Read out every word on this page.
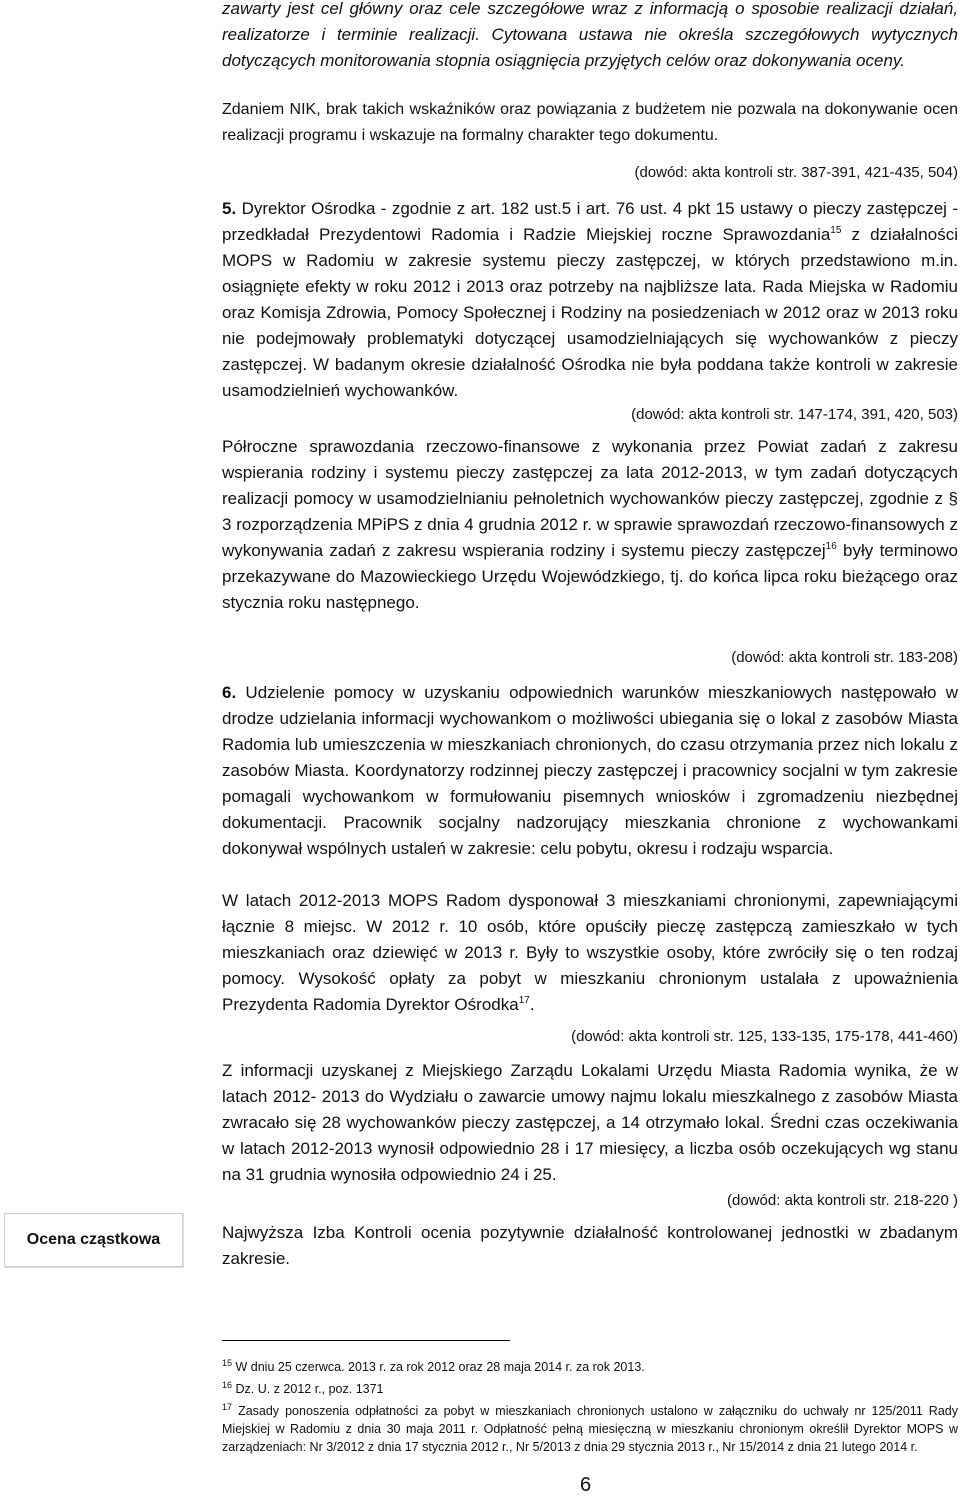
Ocena cząstkowa

zawarty jest cel główny oraz cele szczegółowe wraz z informacją o sposobie realizacji działań, realizatorze i terminie realizacji. Cytowana ustawa nie określa szczegółowych wytycznych dotyczących monitorowania stopnia osiągnięcia przyjętych celów oraz dokonywania oceny.

Zdaniem NIK, brak takich wskaźników oraz powiązania z budżetem nie pozwala na dokonywanie ocen realizacji programu i wskazuje na formalny charakter tego dokumentu.

(dowód: akta kontroli str. 387-391, 421-435, 504)

5. Dyrektor Ośrodka - zgodnie z art. 182 ust.5 i art. 76 ust. 4 pkt 15 ustawy o pieczy zastępczej - przedkładał Prezydentowi Radomia i Radzie Miejskiej roczne Sprawozdania$^{15}$ z działalności MOPS w Radomiu w zakresie systemu pieczy zastępczej, w których przedstawiono m.in. osiągnięte efekty w roku 2012 i 2013 oraz potrzeby na najbliższe lata. Rada Miejska w Radomiu oraz Komisja Zdrowia, Pomocy Społecznej i Rodziny na posiedzeniach w 2012 oraz w 2013 roku nie podejmowały problematyki dotyczącej usamodzielniających się wychowanków z pieczy zastępczej. W badanym okresie działalność Ośrodka nie była poddana także kontroli w zakresie usamodzielnień wychowanków.

(dowód: akta kontroli str. 147-174, 391, 420, 503)

Półroczne sprawozdania rzeczowo-finansowe z wykonania przez Powiat zadań z zakresu wspierania rodziny i systemu pieczy zastępczej za lata 2012-2013, w tym zadań dotyczących realizacji pomocy w usamodzielnianiu pełnoletnich wychowanków pieczy zastępczej, zgodnie z § 3 rozporządzenia MPiPS z dnia 4 grudnia 2012 r. w sprawie sprawozdań rzeczowo-finansowych z wykonywania zadań z zakresu wspierania rodziny i systemu pieczy zastępczej$^{16}$ były terminowo przekazywane do Mazowieckiego Urzędu Wojewódzkiego, tj. do końca lipca roku bieżącego oraz stycznia roku następnego.

(dowód: akta kontroli str. 183-208)

6. Udzielenie pomocy w uzyskaniu odpowiednich warunków mieszkaniowych następowało w drodze udzielania informacji wychowankom o możliwości ubiegania się o lokal z zasobów Miasta Radomia lub umieszczenia w mieszkaniach chronionych, do czasu otrzymania przez nich lokalu z zasobów Miasta. Koordynatorzy rodzinnej pieczy zastępczej i pracownicy socjalni w tym zakresie pomagali wychowankom w formułowaniu pisemnych wniosków i zgromadzeniu niezbędnej dokumentacji. Pracownik socjalny nadzorujący mieszkania chronione z wychowankami dokonywał wspólnych ustaleń w zakresie: celu pobytu, okresu i rodzaju wsparcia.

W latach 2012-2013 MOPS Radom dysponował 3 mieszkaniami chronionymi, zapewniającymi łącznie 8 miejsc. W 2012 r. 10 osób, które opuściły pieczę zastępczą zamieszkało w tych mieszkaniach oraz dziewięć w 2013 r. Były to wszystkie osoby, które zwróciły się o ten rodzaj pomocy. Wysokość opłaty za pobyt w mieszkaniu chronionym ustalała z upoważnienia Prezydenta Radomia Dyrektor Ośrodka$^{17}$.

(dowód: akta kontroli str. 125, 133-135, 175-178, 441-460)

Z informacji uzyskanej z Miejskiego Zarządu Lokalami Urzędu Miasta Radomia wynika, że w latach 2012- 2013 do Wydziału o zawarcie umowy najmu lokalu mieszkalnego z zasobów Miasta zwracało się 28 wychowanków pieczy zastępczej, a 14 otrzymało lokal. Średni czas oczekiwania w latach 2012-2013 wynosił odpowiednio 28 i 17 miesięcy, a liczba osób oczekujących wg stanu na 31 grudnia wynosiła odpowiednio 24 i 25.

(dowód: akta kontroli str. 218-220 )

Najwyższa Izba Kontroli ocenia pozytywnie działalność kontrolowanej jednostki w zbadanym zakresie.

$^{15}$ W dniu 25 czerwca. 2013 r. za rok 2012 oraz 28 maja 2014 r. za rok 2013.
$^{16}$ Dz. U. z 2012 r., poz. 1371
$^{17}$ Zasady ponoszenia odpłatności za pobyt w mieszkaniach chronionych ustalono w załączniku do uchwały nr 125/2011 Rady Miejskiej w Radomiu z dnia 30 maja 2011 r. Odpłatność pełną miesięczną w mieszkaniu chronionym określił Dyrektor MOPS w zarządzeniach: Nr 3/2012 z dnia 17 stycznia 2012 r., Nr 5/2013 z dnia 29 stycznia 2013 r., Nr 15/2014 z dnia 21 lutego 2014 r.
6
